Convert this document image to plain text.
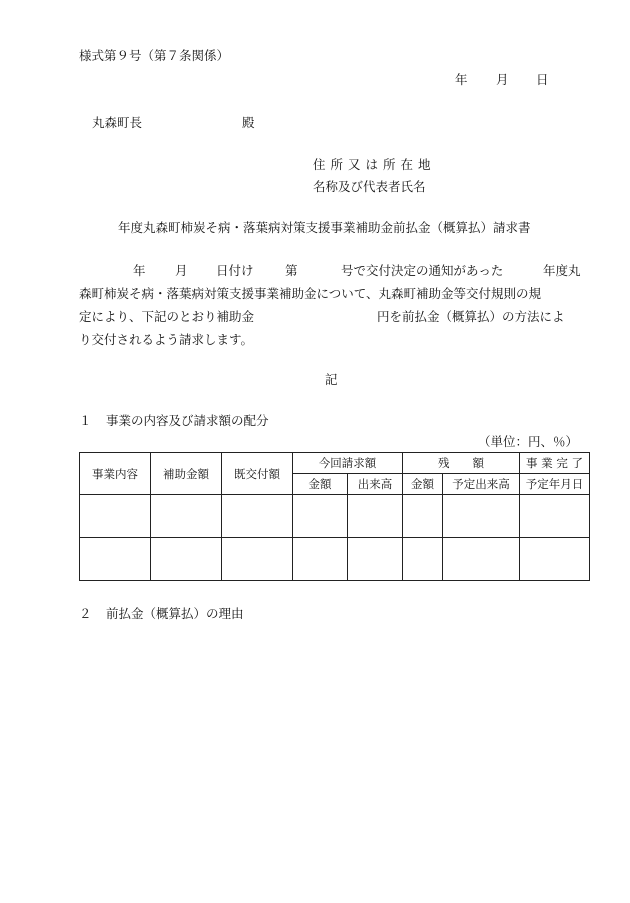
様式第９号（第７条関係）
年 月 日
丸森町長	殿
住所又は所在地
名称及び代表者氏名
年度丸森町柿炭そ病・落葉病対策支援事業補助金前払金（概算払）請求書
年 月 日付け	第	号で交付決定の通知があった	年度丸
森町柿炭そ病・落葉病対策支援事業補助金について、丸森町補助金等交付規則の規
定により、下記のとおり補助金	円を前払金（概算払）の方法によ
り交付されるよう請求します。
記
１ 事業の内容及び請求額の配分
（単位：円、％）
事業内容	補助金額	既交付額	今回請求額		残　　額		事 業 完 了
			金額	出来高	金額	予定出来高	予定年月日

２ 前払金（概算払）の理由
